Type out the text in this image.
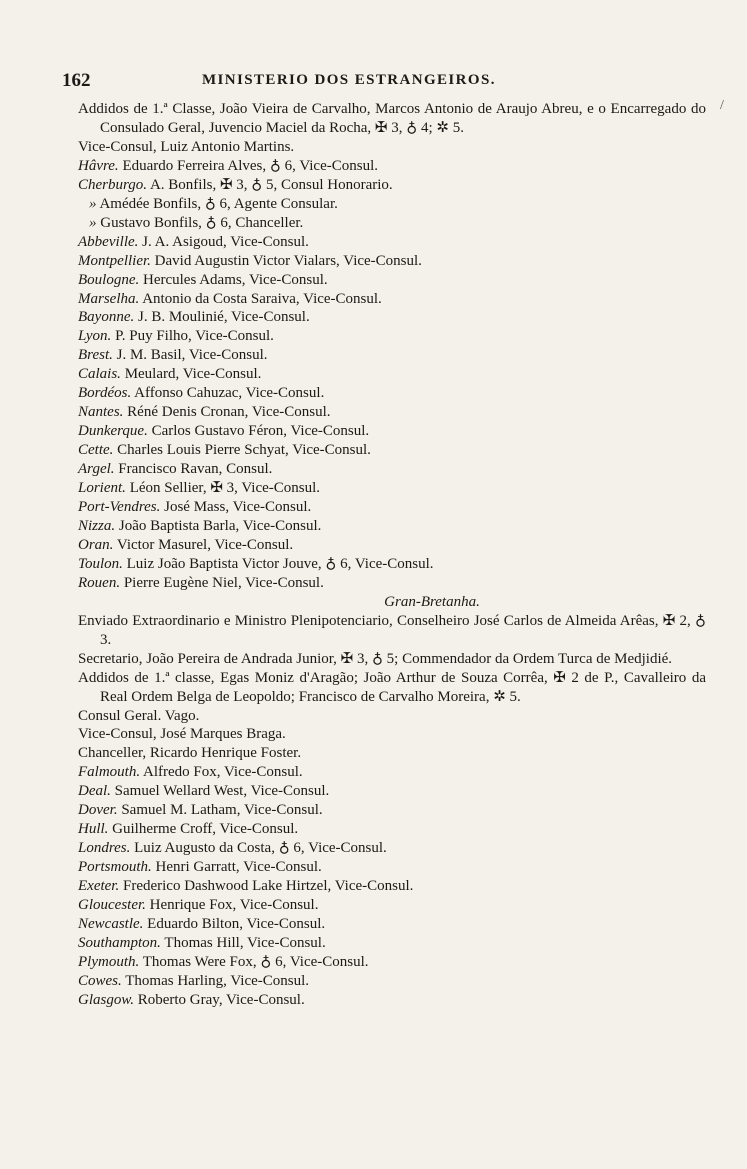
162	MINISTERIO DOS ESTRANGEIROS.
/
Addidos de 1.ª Classe, João Vieira de Carvalho, Marcos Antonio de Araujo Abreu, e o Encarregado do Consulado Geral, Juvencio Maciel da Rocha, ✠ 3, ♁ 4; ✲ 5.
Vice-Consul, Luiz Antonio Martins.
Hâvre. Eduardo Ferreira Alves, ♁ 6, Vice-Consul.
Cherburgo. A. Bonfils, ✠ 3, ♁ 5, Consul Honorario.
» Amédée Bonfils, ♁ 6, Agente Consular.
» Gustavo Bonfils, ♁ 6, Chanceller.
Abbeville. J. A. Asigoud, Vice-Consul.
Montpellier. David Augustin Victor Vialars, Vice-Consul.
Boulogne. Hercules Adams, Vice-Consul.
Marselha. Antonio da Costa Saraiva, Vice-Consul.
Bayonne. J. B. Moulinié, Vice-Consul.
Lyon. P. Puy Filho, Vice-Consul.
Brest. J. M. Basil, Vice-Consul.
Calais. Meulard, Vice-Consul.
Bordéos. Affonso Cahuzac, Vice-Consul.
Nantes. Réné Denis Cronan, Vice-Consul.
Dunkerque. Carlos Gustavo Féron, Vice-Consul.
Cette. Charles Louis Pierre Schyat, Vice-Consul.
Argel. Francisco Ravan, Consul.
Lorient. Léon Sellier, ✠ 3, Vice-Consul.
Port-Vendres. José Mass, Vice-Consul.
Nizza. João Baptista Barla, Vice-Consul.
Oran. Victor Masurel, Vice-Consul.
Toulon. Luiz João Baptista Victor Jouve, ♁ 6, Vice-Consul.
Rouen. Pierre Eugène Niel, Vice-Consul.
Gran-Bretanha.
Enviado Extraordinario e Ministro Plenipotenciario, Conselheiro José Carlos de Almeida Arêas, ✠ 2, ♁ 3.
Secretario, João Pereira de Andrada Junior, ✠ 3, ♁ 5; Commendador da Ordem Turca de Medjidié.
Addidos de 1.ª classe, Egas Moniz d'Aragão; João Arthur de Souza Corrêa, ✠ 2 de P., Cavalleiro da Real Ordem Belga de Leopoldo; Francisco de Carvalho Moreira, ✲ 5.
Consul Geral. Vago.
Vice-Consul, José Marques Braga.
Chanceller, Ricardo Henrique Foster.
Falmouth. Alfredo Fox, Vice-Consul.
Deal. Samuel Wellard West, Vice-Consul.
Dover. Samuel M. Latham, Vice-Consul.
Hull. Guilherme Croff, Vice-Consul.
Londres. Luiz Augusto da Costa, ♁ 6, Vice-Consul.
Portsmouth. Henri Garratt, Vice-Consul.
Exeter. Frederico Dashwood Lake Hirtzel, Vice-Consul.
Gloucester. Henrique Fox, Vice-Consul.
Newcastle. Eduardo Bilton, Vice-Consul.
Southampton. Thomas Hill, Vice-Consul.
Plymouth. Thomas Were Fox, ♁ 6, Vice-Consul.
Cowes. Thomas Harling, Vice-Consul.
Glasgow. Roberto Gray, Vice-Consul.
